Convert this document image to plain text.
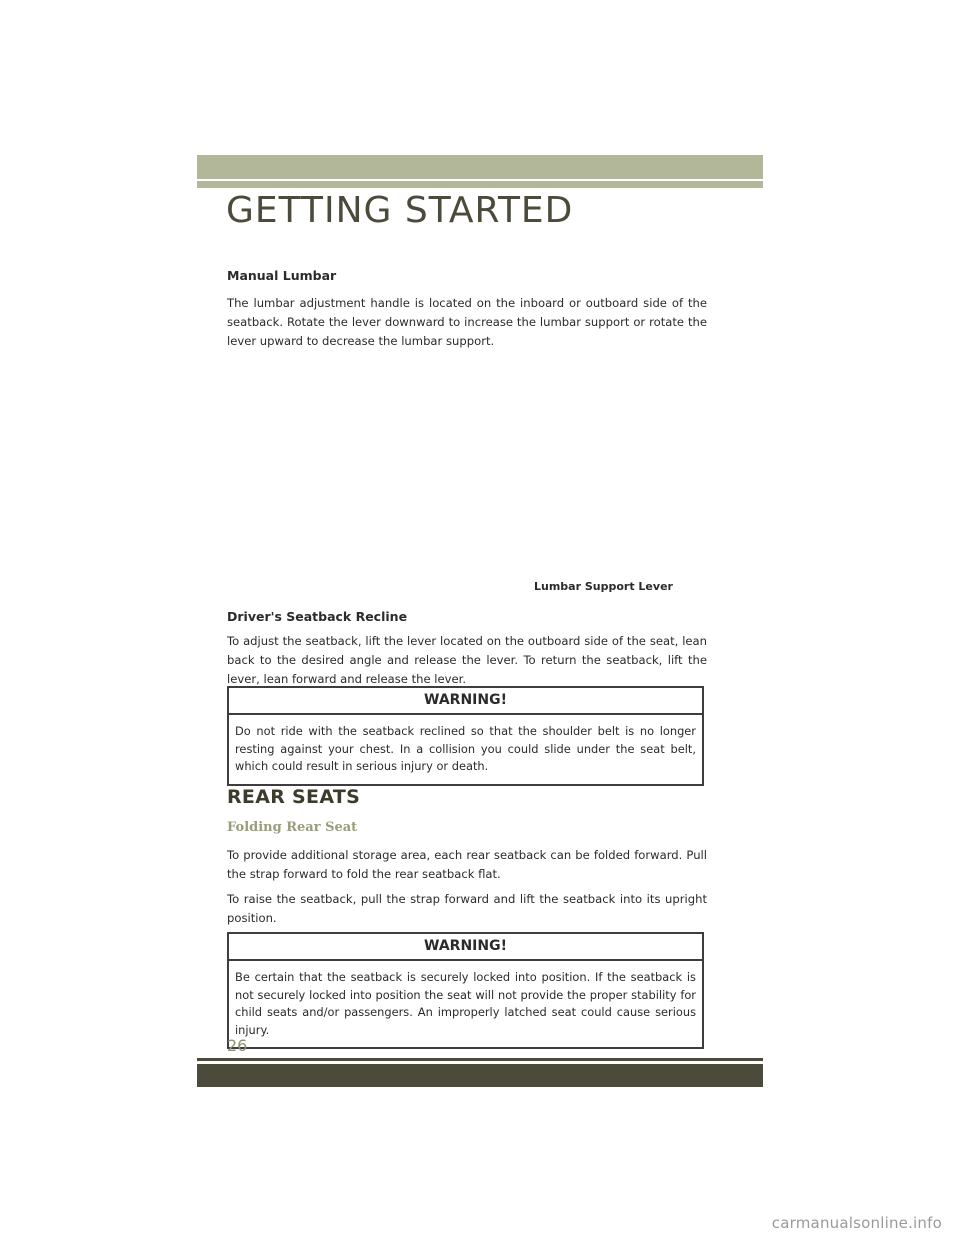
GETTING STARTED
Manual Lumbar

The lumbar adjustment handle is located on the inboard or outboard side of the seatback. Rotate the lever downward to increase the lumbar support or rotate the lever upward to decrease the lumbar support.

Lumbar Support Lever
Driver's Seatback Recline

To adjust the seatback, lift the lever located on the outboard side of the seat, lean back to the desired angle and release the lever. To return the seatback, lift the lever, lean forward and release the lever.

WARNING!

Do not ride with the seatback reclined so that the shoulder belt is no longer resting against your chest. In a collision you could slide under the seat belt, which could result in serious injury or death.

REAR SEATS
Folding Rear Seat

To provide additional storage area, each rear seatback can be folded forward. Pull the strap forward to fold the rear seatback flat.

To raise the seatback, pull the strap forward and lift the seatback into its upright position.

WARNING!

Be certain that the seatback is securely locked into position. If the seatback is not securely locked into position the seat will not provide the proper stability for child seats and/or passengers. An improperly latched seat could cause serious injury.

26
carmanualsonline.info
